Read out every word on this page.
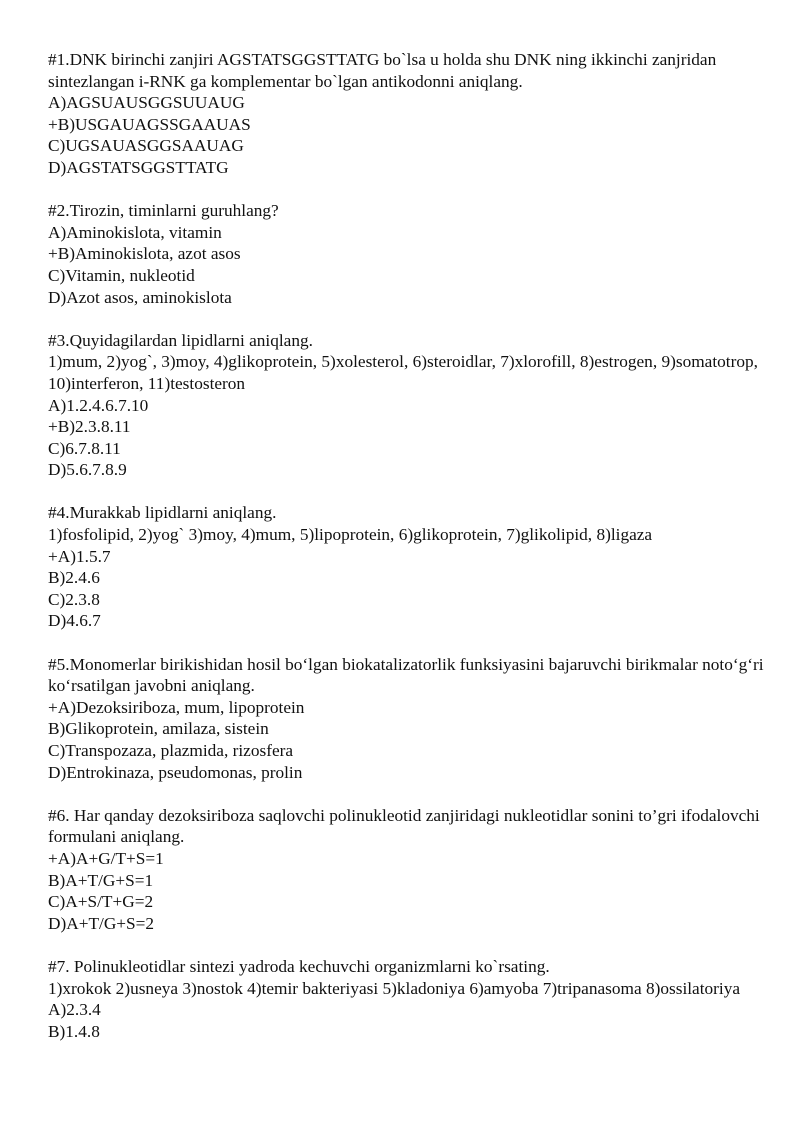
#1.DNK birinchi zanjiri AGSTATSGGSTTATG bo`lsa u holda shu DNK ning ikkinchi zanjridan sintezlangan i-RNK ga komplementar bo`lgan antikodonni aniqlang.
A)AGSUAUSGGSUUAUG
+B)USGAUAGSSGAAUAS
C)UGSAUASGGSAAUAG
D)AGSTATSGGSTTATG
#2.Tirozin, timinlarni guruhlang?
A)Aminokislota, vitamin
+B)Aminokislota, azot asos
C)Vitamin, nukleotid
D)Azot asos, aminokislota
#3.Quyidagilardan lipidlarni aniqlang.
1)mum, 2)yog`, 3)moy, 4)glikoprotein, 5)xolesterol, 6)steroidlar, 7)xlorofill, 8)estrogen, 9)somatotrop, 10)interferon, 11)testosteron
A)1.2.4.6.7.10
+B)2.3.8.11
C)6.7.8.11
D)5.6.7.8.9
#4.Murakkab lipidlarni aniqlang.
1)fosfolipid, 2)yog` 3)moy, 4)mum, 5)lipoprotein, 6)glikoprotein, 7)glikolipid, 8)ligaza
+A)1.5.7
B)2.4.6
C)2.3.8
D)4.6.7
#5.Monomerlar birikishidan hosil bo‘lgan biokatalizatorlik funksiyasini bajaruvchi birikmalar noto‘g‘ri ko‘rsatilgan javobni aniqlang.
+A)Dezoksiriboza, mum, lipoprotein
B)Glikoprotein, amilaza, sistein
C)Transpozaza, plazmida, rizosfera
D)Entrokinaza, pseudomonas, prolin
#6. Har qanday dezoksiriboza saqlovchi polinukleotid zanjiridagi nukleotidlar sonini to’gri ifodalovchi formulani aniqlang.
+A)A+G/T+S=1
B)A+T/G+S=1
C)A+S/T+G=2
D)A+T/G+S=2
#7. Polinukleotidlar sintezi yadroda kechuvchi organizmlarni ko`rsating.
1)xrokok 2)usneya 3)nostok 4)temir bakteriyasi 5)kladoniya 6)amyoba 7)tripanasoma 8)ossilatoriya
A)2.3.4
B)1.4.8
